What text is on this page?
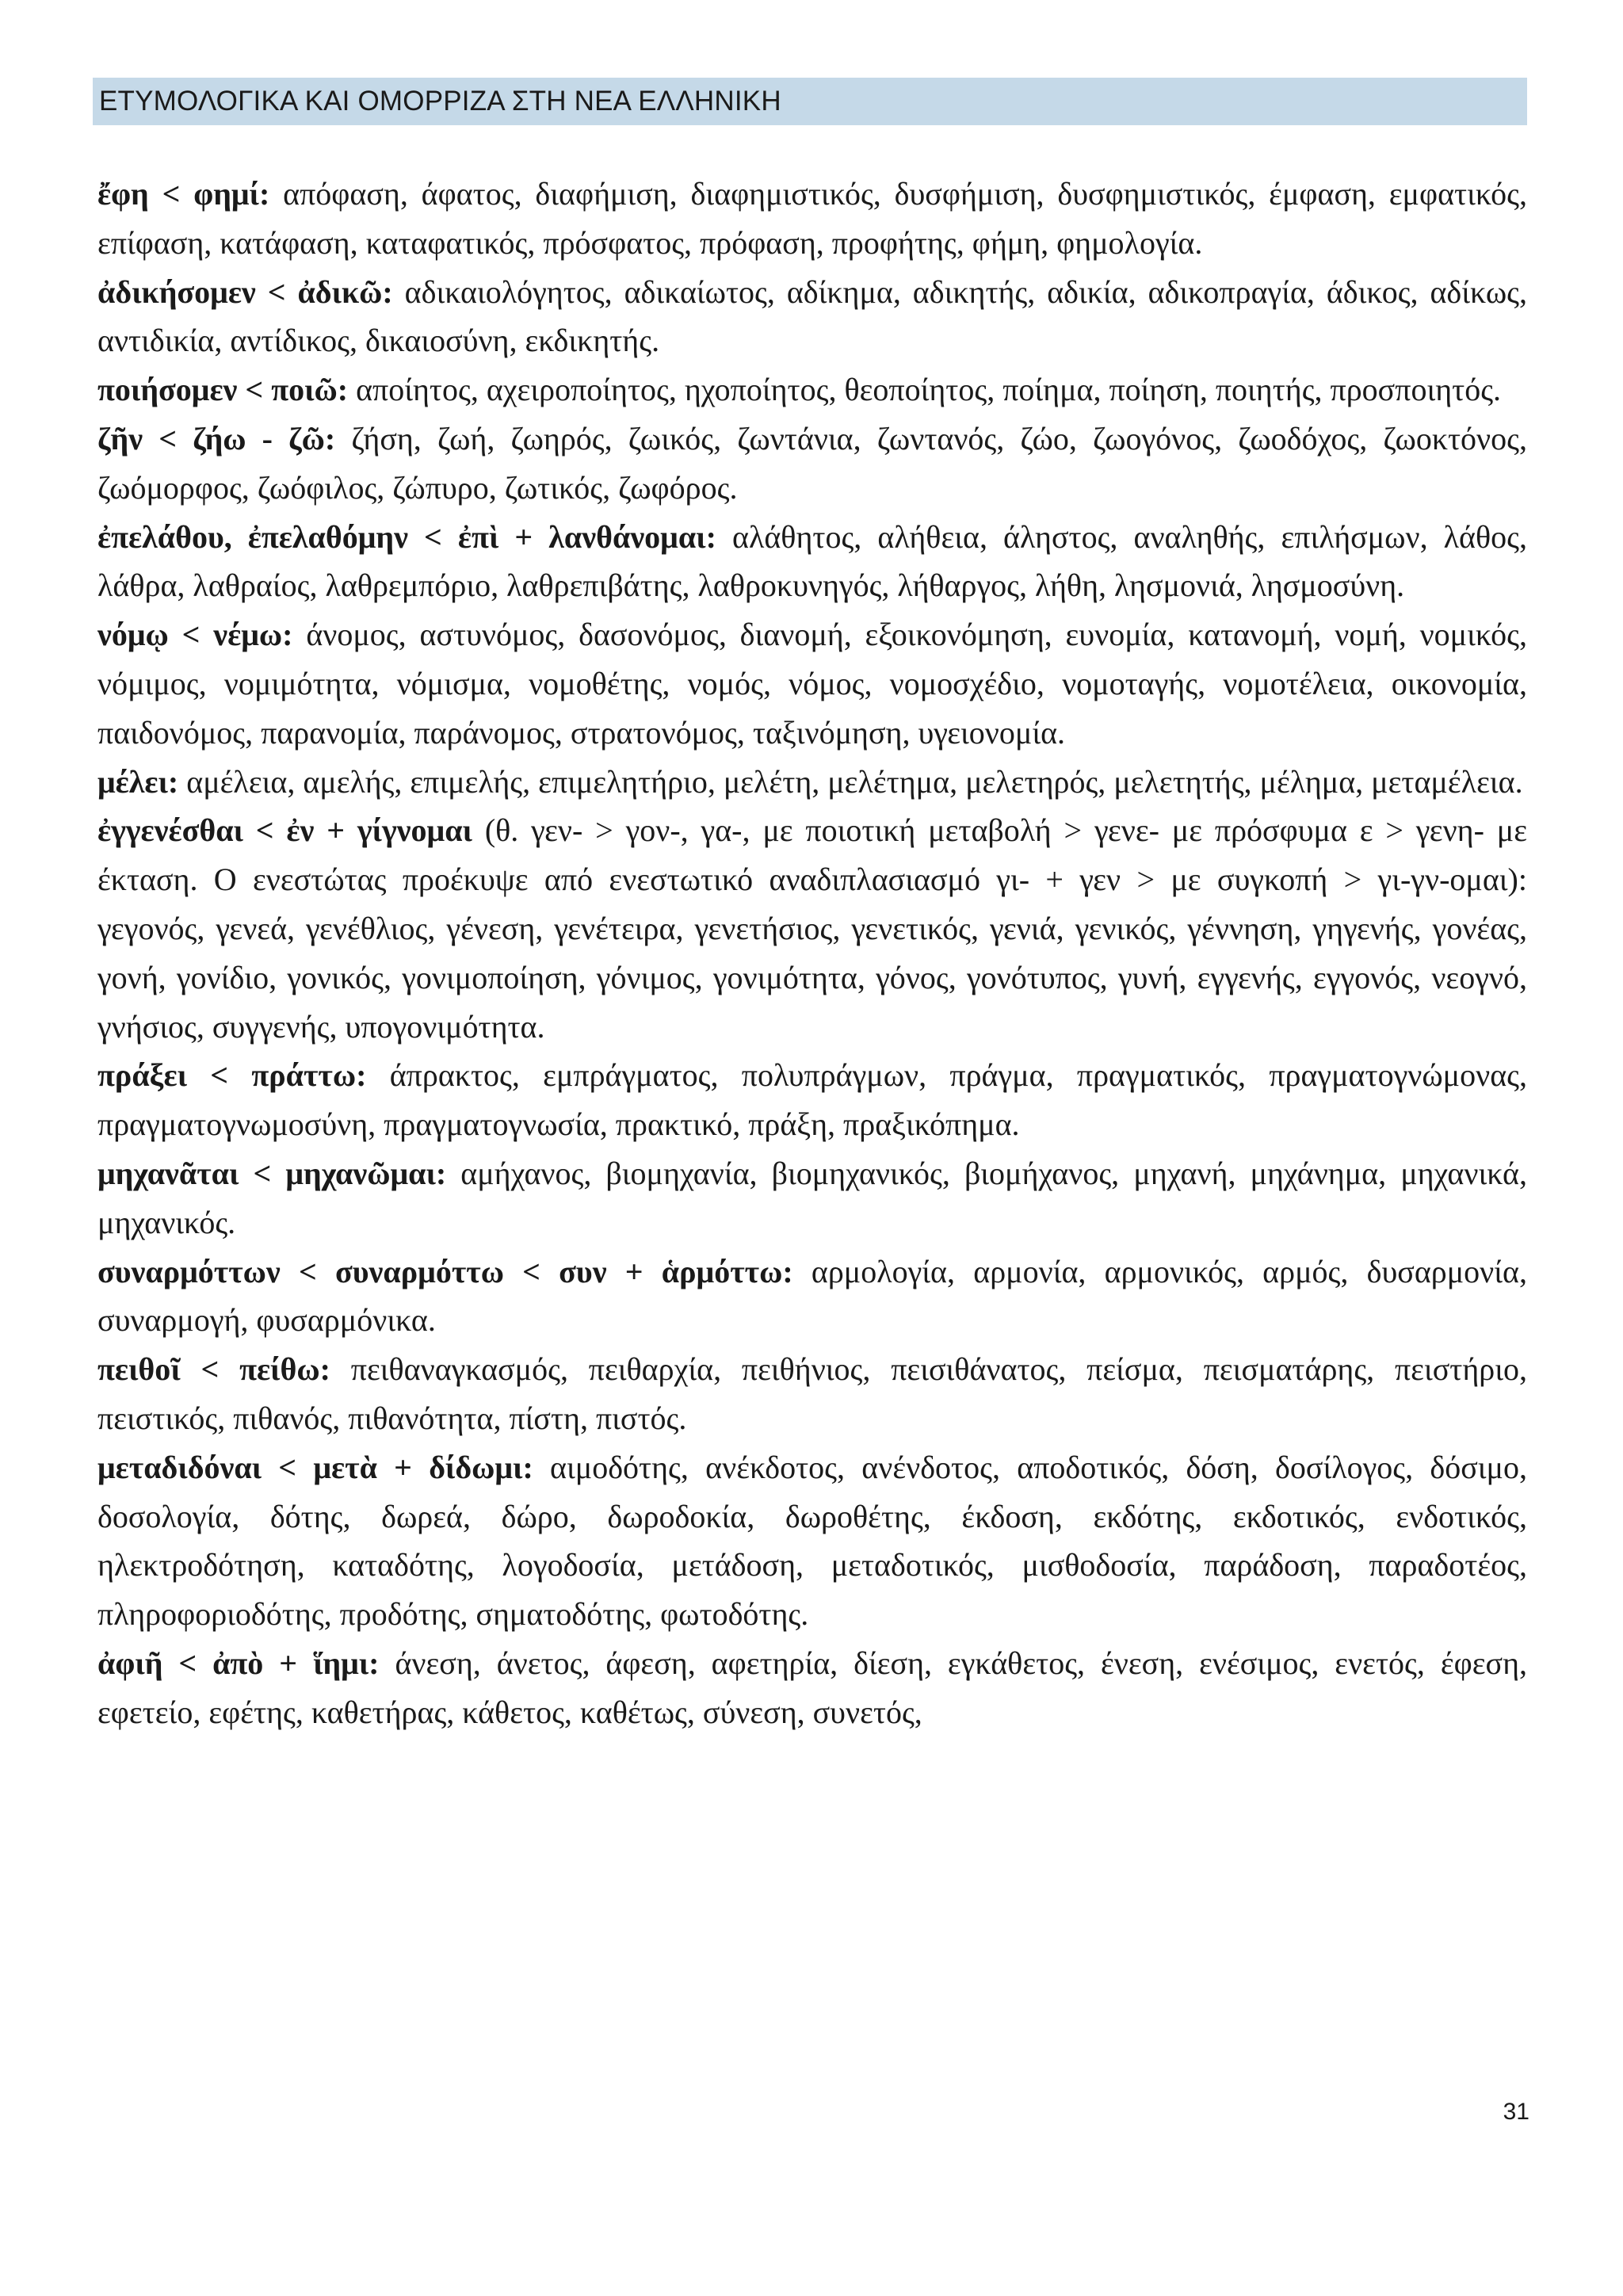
ΕΤΥΜΟΛΟΓΙΚΑ ΚΑΙ ΟΜΟΡΡΙΖΑ ΣΤΗ ΝΕΑ ΕΛΛΗΝΙΚΗ

ἔφη < φημί: απόφαση, άφατος, διαφήμιση, διαφημιστικός, δυσφήμιση, δυσφημιστικός, έμφαση, εμφατικός, επίφαση, κατάφαση, καταφατικός, πρόσφατος, πρόφαση, προφήτης, φήμη, φημολογία.

ἀδικήσομεν < ἀδικῶ: αδικαιολόγητος, αδικαίωτος, αδίκημα, αδικητής, αδικία, αδικοπραγία, άδικος, αδίκως, αντιδικία, αντίδικος, δικαιοσύνη, εκδικητής.

ποιήσομεν < ποιῶ: αποίητος, αχειροποίητος, ηχοποίητος, θεοποίητος, ποίημα, ποίηση, ποιητής, προσποιητός.

ζῆν < ζήω - ζῶ: ζήση, ζωή, ζωηρός, ζωικός, ζωντάνια, ζωντανός, ζώο, ζωογόνος, ζωοδόχος, ζωοκτόνος, ζωόμορφος, ζωόφιλος, ζώπυρο, ζωτικός, ζωφόρος.

ἐπελάθου, ἐπελαθόμην < ἐπὶ + λανθάνομαι: αλάθητος, αλήθεια, άληστος, αναληθής, επιλήσμων, λάθος, λάθρα, λαθραίος, λαθρεμπόριο, λαθρεπιβάτης, λαθροκυνηγός, λήθαργος, λήθη, λησμονιά, λησμοσύνη.

νόμῳ < νέμω: άνομος, αστυνόμος, δασονόμος, διανομή, εξοικονόμηση, ευνομία, κατανομή, νομή, νομικός, νόμιμος, νομιμότητα, νόμισμα, νομοθέτης, νομός, νόμος, νομοσχέδιο, νομοταγής, νομοτέλεια, οικονομία, παιδονόμος, παρανομία, παράνομος, στρατονόμος, ταξινόμηση, υγειονομία.

μέλει: αμέλεια, αμελής, επιμελής, επιμελητήριο, μελέτη, μελέτημα, μελετηρός, μελετητής, μέλημα, μεταμέλεια.

ἐγγενέσθαι < ἐν + γίγνομαι (θ. γεν- > γον-, γα-, με ποιοτική μεταβολή > γενε- με πρόσφυμα ε > γενη- με έκταση. Ο ενεστώτας προέκυψε από ενεστωτικό αναδιπλασιασμό γι- + γεν > με συγκοπή > γι-γν-ομαι): γεγονός, γενεά, γενέθλιος, γένεση, γενέτειρα, γενετήσιος, γενετικός, γενιά, γενικός, γέννηση, γηγενής, γονέας, γονή, γονίδιο, γονικός, γονιμοποίηση, γόνιμος, γονιμότητα, γόνος, γονότυπος, γυνή, εγγενής, εγγονός, νεογνό, γνήσιος, συγγενής, υπογονιμότητα.

πράξει < πράττω: άπρακτος, εμπράγματος, πολυπράγμων, πράγμα, πραγματικός, πραγματογνώμονας, πραγματογνωμοσύνη, πραγματογνωσία, πρακτικό, πράξη, πραξικόπημα.

μηχανᾶται < μηχανῶμαι: αμήχανος, βιομηχανία, βιομηχανικός, βιομήχανος, μηχανή, μηχάνημα, μηχανικά, μηχανικός.

συναρμόττων < συναρμόττω < συν + ἁρμόττω: αρμολογία, αρμονία, αρμονικός, αρμός, δυσαρμονία, συναρμογή, φυσαρμόνικα.

πειθοῖ < πείθω: πειθαναγκασμός, πειθαρχία, πειθήνιος, πεισιθάνατος, πείσμα, πεισματάρης, πειστήριο, πειστικός, πιθανός, πιθανότητα, πίστη, πιστός.

μεταδιδόναι < μετὰ + δίδωμι: αιμοδότης, ανέκδοτος, ανένδοτος, αποδοτικός, δόση, δοσίλογος, δόσιμο, δοσολογία, δότης, δωρεά, δώρο, δωροδοκία, δωροθέτης, έκδοση, εκδότης, εκδοτικός, ενδοτικός, ηλεκτροδότηση, καταδότης, λογοδοσία, μετάδοση, μεταδοτικός, μισθοδοσία, παράδοση, παραδοτέος, πληροφοριοδότης, προδότης, σηματοδότης, φωτοδότης.

ἀφιῆ < ἀπὸ + ἵημι: άνεση, άνετος, άφεση, αφετηρία, δίεση, εγκάθετος, ένεση, ενέσιμος, ενετός, έφεση, εφετείο, εφέτης, καθετήρας, κάθετος, καθέτως, σύνεση, συνετός,

31
